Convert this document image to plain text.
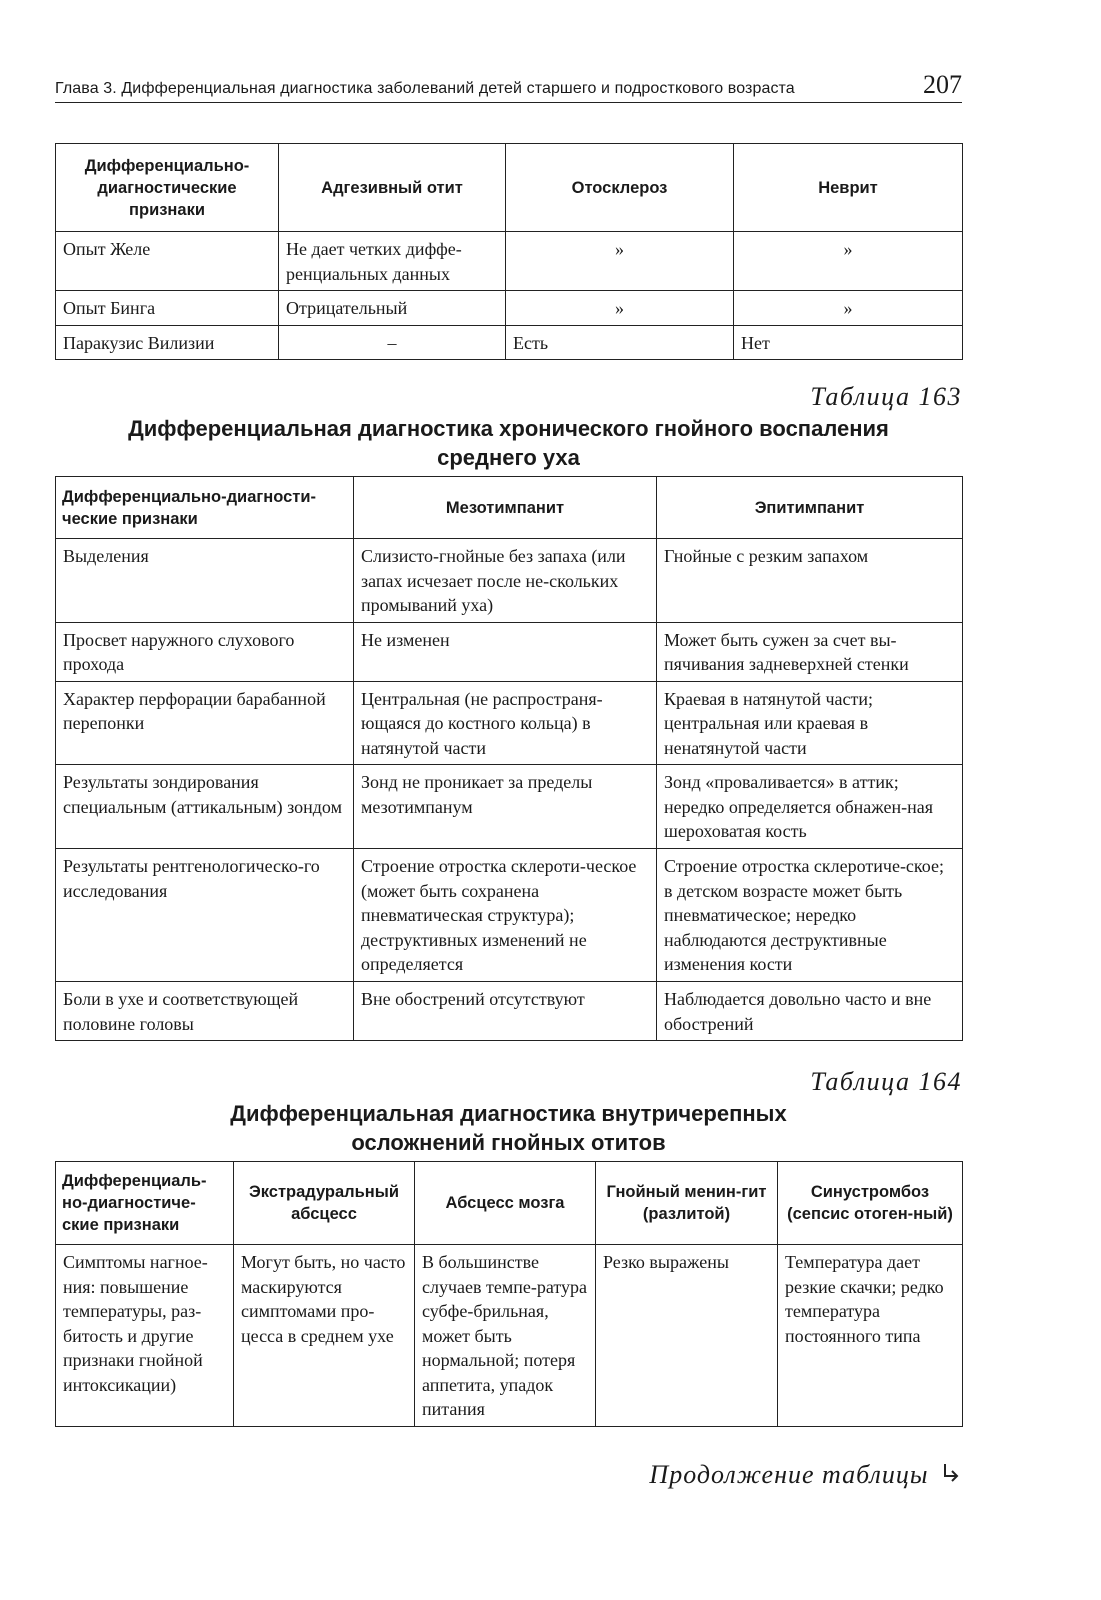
Глава 3. Дифференциальная диагностика заболеваний детей старшего и подросткового возраста	207
Дифференциально-диагностические признаки	Адгезивный отит	Отосклероз	Неврит
Опыт Желе	Не дает четких диффе-ренциальных данных	»	»
Опыт Бинга	Отрицательный	»	»
Паракузис Вилизии	–	Есть	Нет
Таблица 163
Дифференциальная диагностика хронического гнойного воспаления среднего уха
Дифференциально-диагности-ческие признаки	Мезотимпанит	Эпитимпанит
Выделения	Слизисто-гнойные без запаха (или запах исчезает после не-скольких промываний уха)	Гнойные с резким запахом
Просвет наружного слухового прохода	Не изменен	Может быть сужен за счет вы-пячивания задневерхней стенки
Характер перфорации барабанной перепонки	Центральная (не распространя-ющаяся до костного кольца) в натянутой части	Краевая в натянутой части; центральная или краевая в ненатянутой части
Результаты зондирования специальным (аттикальным) зондом	Зонд не проникает за пределы мезотимпанум	Зонд «проваливается» в аттик; нередко определяется обнажен-ная шероховатая кость
Результаты рентгенологическо-го исследования	Строение отростка склероти-ческое (может быть сохранена пневматическая структура); деструктивных изменений не определяется	Строение отростка склеротиче-ское; в детском возрасте может быть пневматическое; нередко наблюдаются деструктивные изменения кости
Боли в ухе и соответствующей половине головы	Вне обострений отсутствуют	Наблюдается довольно часто и вне обострений
Таблица 164
Дифференциальная диагностика внутричерепных осложнений гнойных отитов
Дифференциаль-но-диагностиче-ские признаки	Экстрадуральный абсцесс	Абсцесс мозга	Гнойный менин-гит (разлитой)	Синустромбоз (сепсис отоген-ный)
Симптомы нагное-ния: повышение температуры, раз-битость и другие признаки гнойной интоксикации)	Могут быть, но часто маскируются симптомами про-цесса в среднем ухе	В большинстве случаев темпе-ратура субфе-брильная, может быть нормальной; потеря аппетита, упадок питания	Резко выражены	Температура дает резкие скачки; редко температура постоянного типа
Продолжение таблицы
